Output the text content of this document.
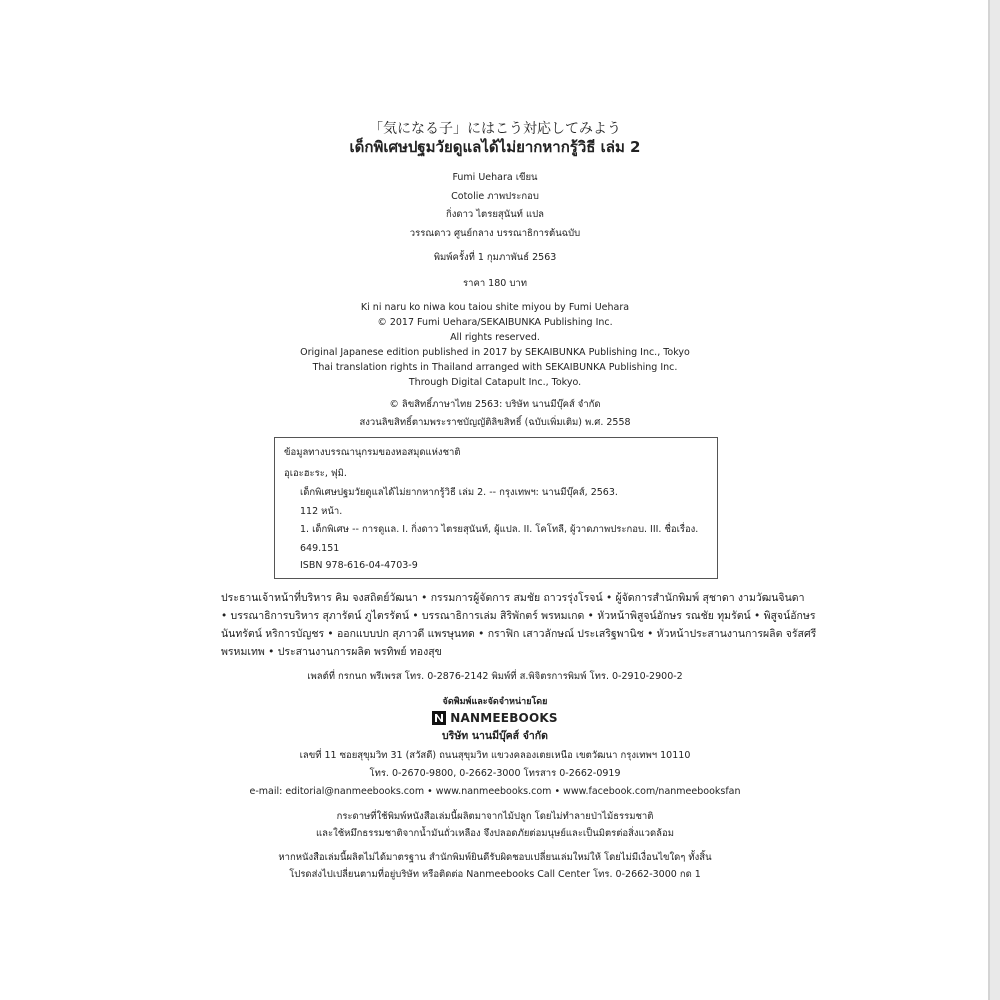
「気になる子」にはこう対応してみよう
เด็กพิเศษปฐมวัยดูแลได้ไม่ยากหากรู้วิธี เล่ม 2
Fumi Uehara เขียน
Cotolie ภาพประกอบ
กิ่งดาว ไตรยสุนันท์ แปล
วรรณดาว ศูนย์กลาง บรรณาธิการต้นฉบับ
พิมพ์ครั้งที่ 1 กุมภาพันธ์ 2563
ราคา 180 บาท
Ki ni naru ko niwa kou taiou shite miyou by Fumi Uehara
© 2017 Fumi Uehara/SEKAIBUNKA Publishing Inc.
All rights reserved.
Original Japanese edition published in 2017 by SEKAIBUNKA Publishing Inc., Tokyo
Thai translation rights in Thailand arranged with SEKAIBUNKA Publishing Inc.
Through Digital Catapult Inc., Tokyo.
© ลิขสิทธิ์ภาษาไทย 2563: บริษัท นานมีบุ๊คส์ จำกัด
สงวนลิขสิทธิ์ตามพระราชบัญญัติลิขสิทธิ์ (ฉบับเพิ่มเติม) พ.ศ. 2558
ข้อมูลทางบรรณานุกรมของหอสมุดแห่งชาติ
อุเอะฮะระ, ฟุมิ.
เด็กพิเศษปฐมวัยดูแลได้ไม่ยากหากรู้วิธี เล่ม 2. -- กรุงเทพฯ: นานมีบุ๊คส์, 2563.
112 หน้า.
1. เด็กพิเศษ -- การดูแล. I. กิ่งดาว ไตรยสุนันท์, ผู้แปล. II. โคโทลี, ผู้วาดภาพประกอบ. III. ชื่อเรื่อง.
649.151
ISBN 978-616-04-4703-9
ประธานเจ้าหน้าที่บริหาร คิม จงสถิตย์วัฒนา • กรรมการผู้จัดการ สมชัย ถาวรรุ่งโรจน์ • ผู้จัดการสำนักพิมพ์ สุชาดา งามวัฒนจินดา
• บรรณาธิการบริหาร สุภารัตน์ ภูไตรรัตน์ • บรรณาธิการเล่ม สิริพักตร์ พรหมเกด • หัวหน้าพิสูจน์อักษร รณชัย ทุมรัตน์ • พิสูจน์อักษร
นันทรัตน์ หริการบัญชร • ออกแบบปก สุภาวดี แพรษุนทด • กราฟิก เสาวลักษณ์ ประเสริฐพานิช • หัวหน้าประสานงานการผลิต จรัสศรี
พรหมเทพ • ประสานงานการผลิต พรทิพย์ ทองสุข
เพลต์ที่ กรกนก พรีเพรส โทร. 0-2876-2142 พิมพ์ที่ ส.พิจิตรการพิมพ์ โทร. 0-2910-2900-2
จัดพิมพ์และจัดจำหน่ายโดย
NANMEEBOOKS
บริษัท นานมีบุ๊คส์ จำกัด
เลขที่ 11 ซอยสุขุมวิท 31 (สวัสดี) ถนนสุขุมวิท แขวงคลองเตยเหนือ เขตวัฒนา กรุงเทพฯ 10110
โทร. 0-2670-9800, 0-2662-3000 โทรสาร 0-2662-0919
e-mail: editorial@nanmeebooks.com • www.nanmeebooks.com • www.facebook.com/nanmeebooksfan
กระดาษที่ใช้พิมพ์หนังสือเล่มนี้ผลิตมาจากไม้ปลูก โดยไม่ทำลายป่าไม้ธรรมชาติ
และใช้หมึกธรรมชาติจากน้ำมันถั่วเหลือง จึงปลอดภัยต่อมนุษย์และเป็นมิตรต่อสิ่งแวดล้อม
หากหนังสือเล่มนี้ผลิตไม่ได้มาตรฐาน สำนักพิมพ์ยินดีรับผิดชอบเปลี่ยนเล่มใหม่ให้ โดยไม่มีเงื่อนไขใดๆ ทั้งสิ้น
โปรดส่งไปเปลี่ยนตามที่อยู่บริษัท หรือติดต่อ Nanmeebooks Call Center โทร. 0-2662-3000 กด 1
